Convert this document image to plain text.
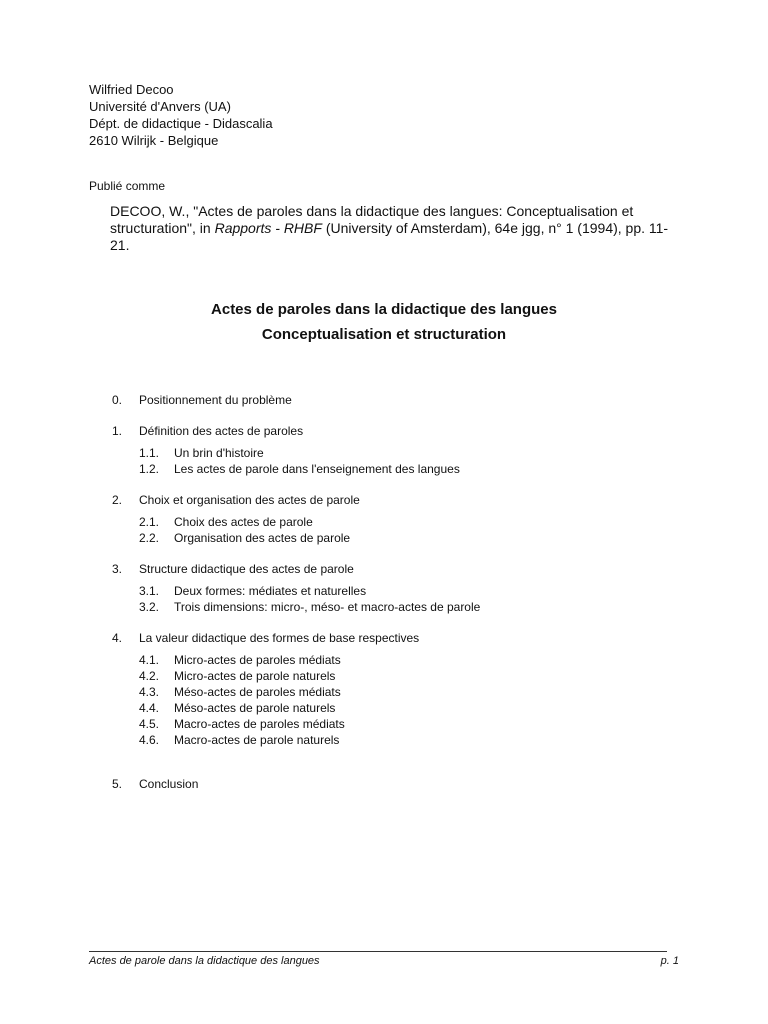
Wilfried Decoo
Université d'Anvers (UA)
Dépt. de didactique - Didascalia
2610 Wilrijk - Belgique
Publié comme
DECOO, W., "Actes de paroles dans la didactique des langues: Conceptualisation et structuration", in Rapports - RHBF (University of Amsterdam), 64e jgg, n° 1 (1994), pp. 11-21.
Actes de paroles dans la didactique des langues
Conceptualisation et structuration
0.	Positionnement du problème
1.	Définition des actes de paroles
1.1.	Un brin d'histoire
1.2.	Les actes de parole dans l'enseignement des langues
2.	Choix et organisation des actes de parole
2.1.	Choix des actes de parole
2.2.	Organisation des actes de parole
3.	Structure didactique des actes de parole
3.1.	Deux formes: médiates et naturelles
3.2.	Trois dimensions: micro-, méso- et macro-actes de parole
4.	La valeur didactique des formes de base respectives
4.1.	Micro-actes de paroles médiats
4.2.	Micro-actes de parole naturels
4.3.	Méso-actes de paroles médiats
4.4.	Méso-actes de parole naturels
4.5.	Macro-actes de paroles médiats
4.6.	Macro-actes de parole naturels
5.	Conclusion
Actes de parole dans la didactique des langues	p. 1
